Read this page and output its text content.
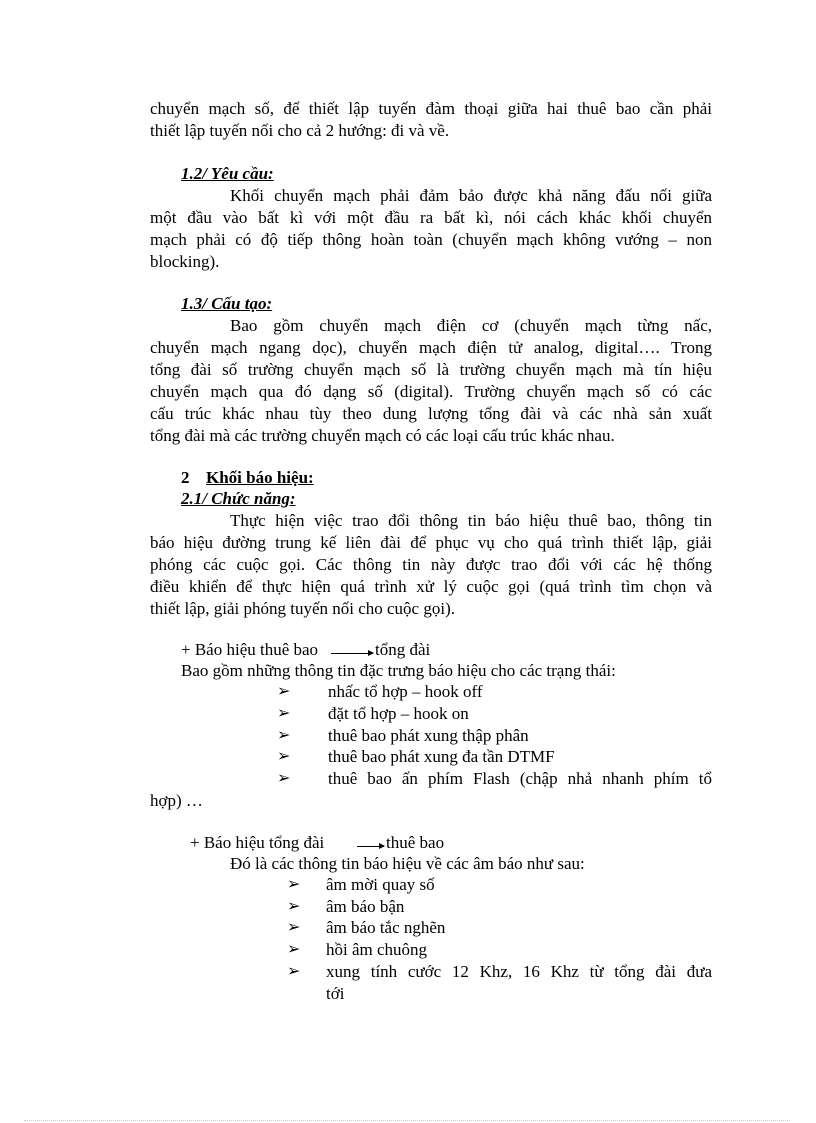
chuyển mạch số, để thiết lập tuyến đàm thoại giữa hai thuê bao cần phải
thiết lập tuyến nối cho cả 2 hướng: đi và về.
1.2/ Yêu cầu:
Khối chuyển mạch phải đảm bảo được khả năng đấu nối giữa
một đầu vào bất kì với một đầu ra bất kì, nói cách khác khối chuyển
mạch phải có độ tiếp thông hoàn toàn (chuyển mạch không vướng – non
blocking).
1.3/ Cấu tạo:
Bao gồm chuyển mạch điện cơ (chuyển mạch từng nấc,
chuyển mạch ngang dọc), chuyển mạch điện tử analog, digital…. Trong
tổng đài số trường chuyển mạch số là trường chuyển mạch mà tín hiệu
chuyển mạch qua đó dạng số (digital). Trường chuyển mạch số có các
cấu trúc khác nhau tùy theo dung lượng tổng đài và các nhà sản xuất
tổng đài mà các trường chuyển mạch có các loại cấu trúc khác nhau.
2 Khối báo hiệu:
2.1/ Chức năng:
Thực hiện việc trao đổi thông tin báo hiệu thuê bao, thông tin
báo hiệu đường trung kế liên đài để phục vụ cho quá trình thiết lập, giải
phóng các cuộc gọi. Các thông tin này được trao đổi với các hệ thống
điều khiển để thực hiện quá trình xử lý cuộc gọi (quá trình tìm chọn và
thiết lập, giải phóng tuyến nối cho cuộc gọi).
+ Báo hiệu thuê bao	tổng đài
Bao gồm những thông tin đặc trưng báo hiệu cho các trạng thái:
➢ nhấc tổ hợp – hook off
➢ đặt tổ hợp – hook on
➢ thuê bao phát xung thập phân
➢ thuê bao phát xung đa tần DTMF
➢ thuê bao ấn phím Flash (chập nhả nhanh phím tổ
hợp) …
+ Báo hiệu tổng đài	thuê bao
Đó là các thông tin báo hiệu về các âm báo như sau:
➢ âm mời quay số
➢ âm báo bận
➢ âm báo tắc nghẽn
➢ hồi âm chuông
➢ xung tính cước 12 Khz, 16 Khz từ tổng đài đưa
tới
